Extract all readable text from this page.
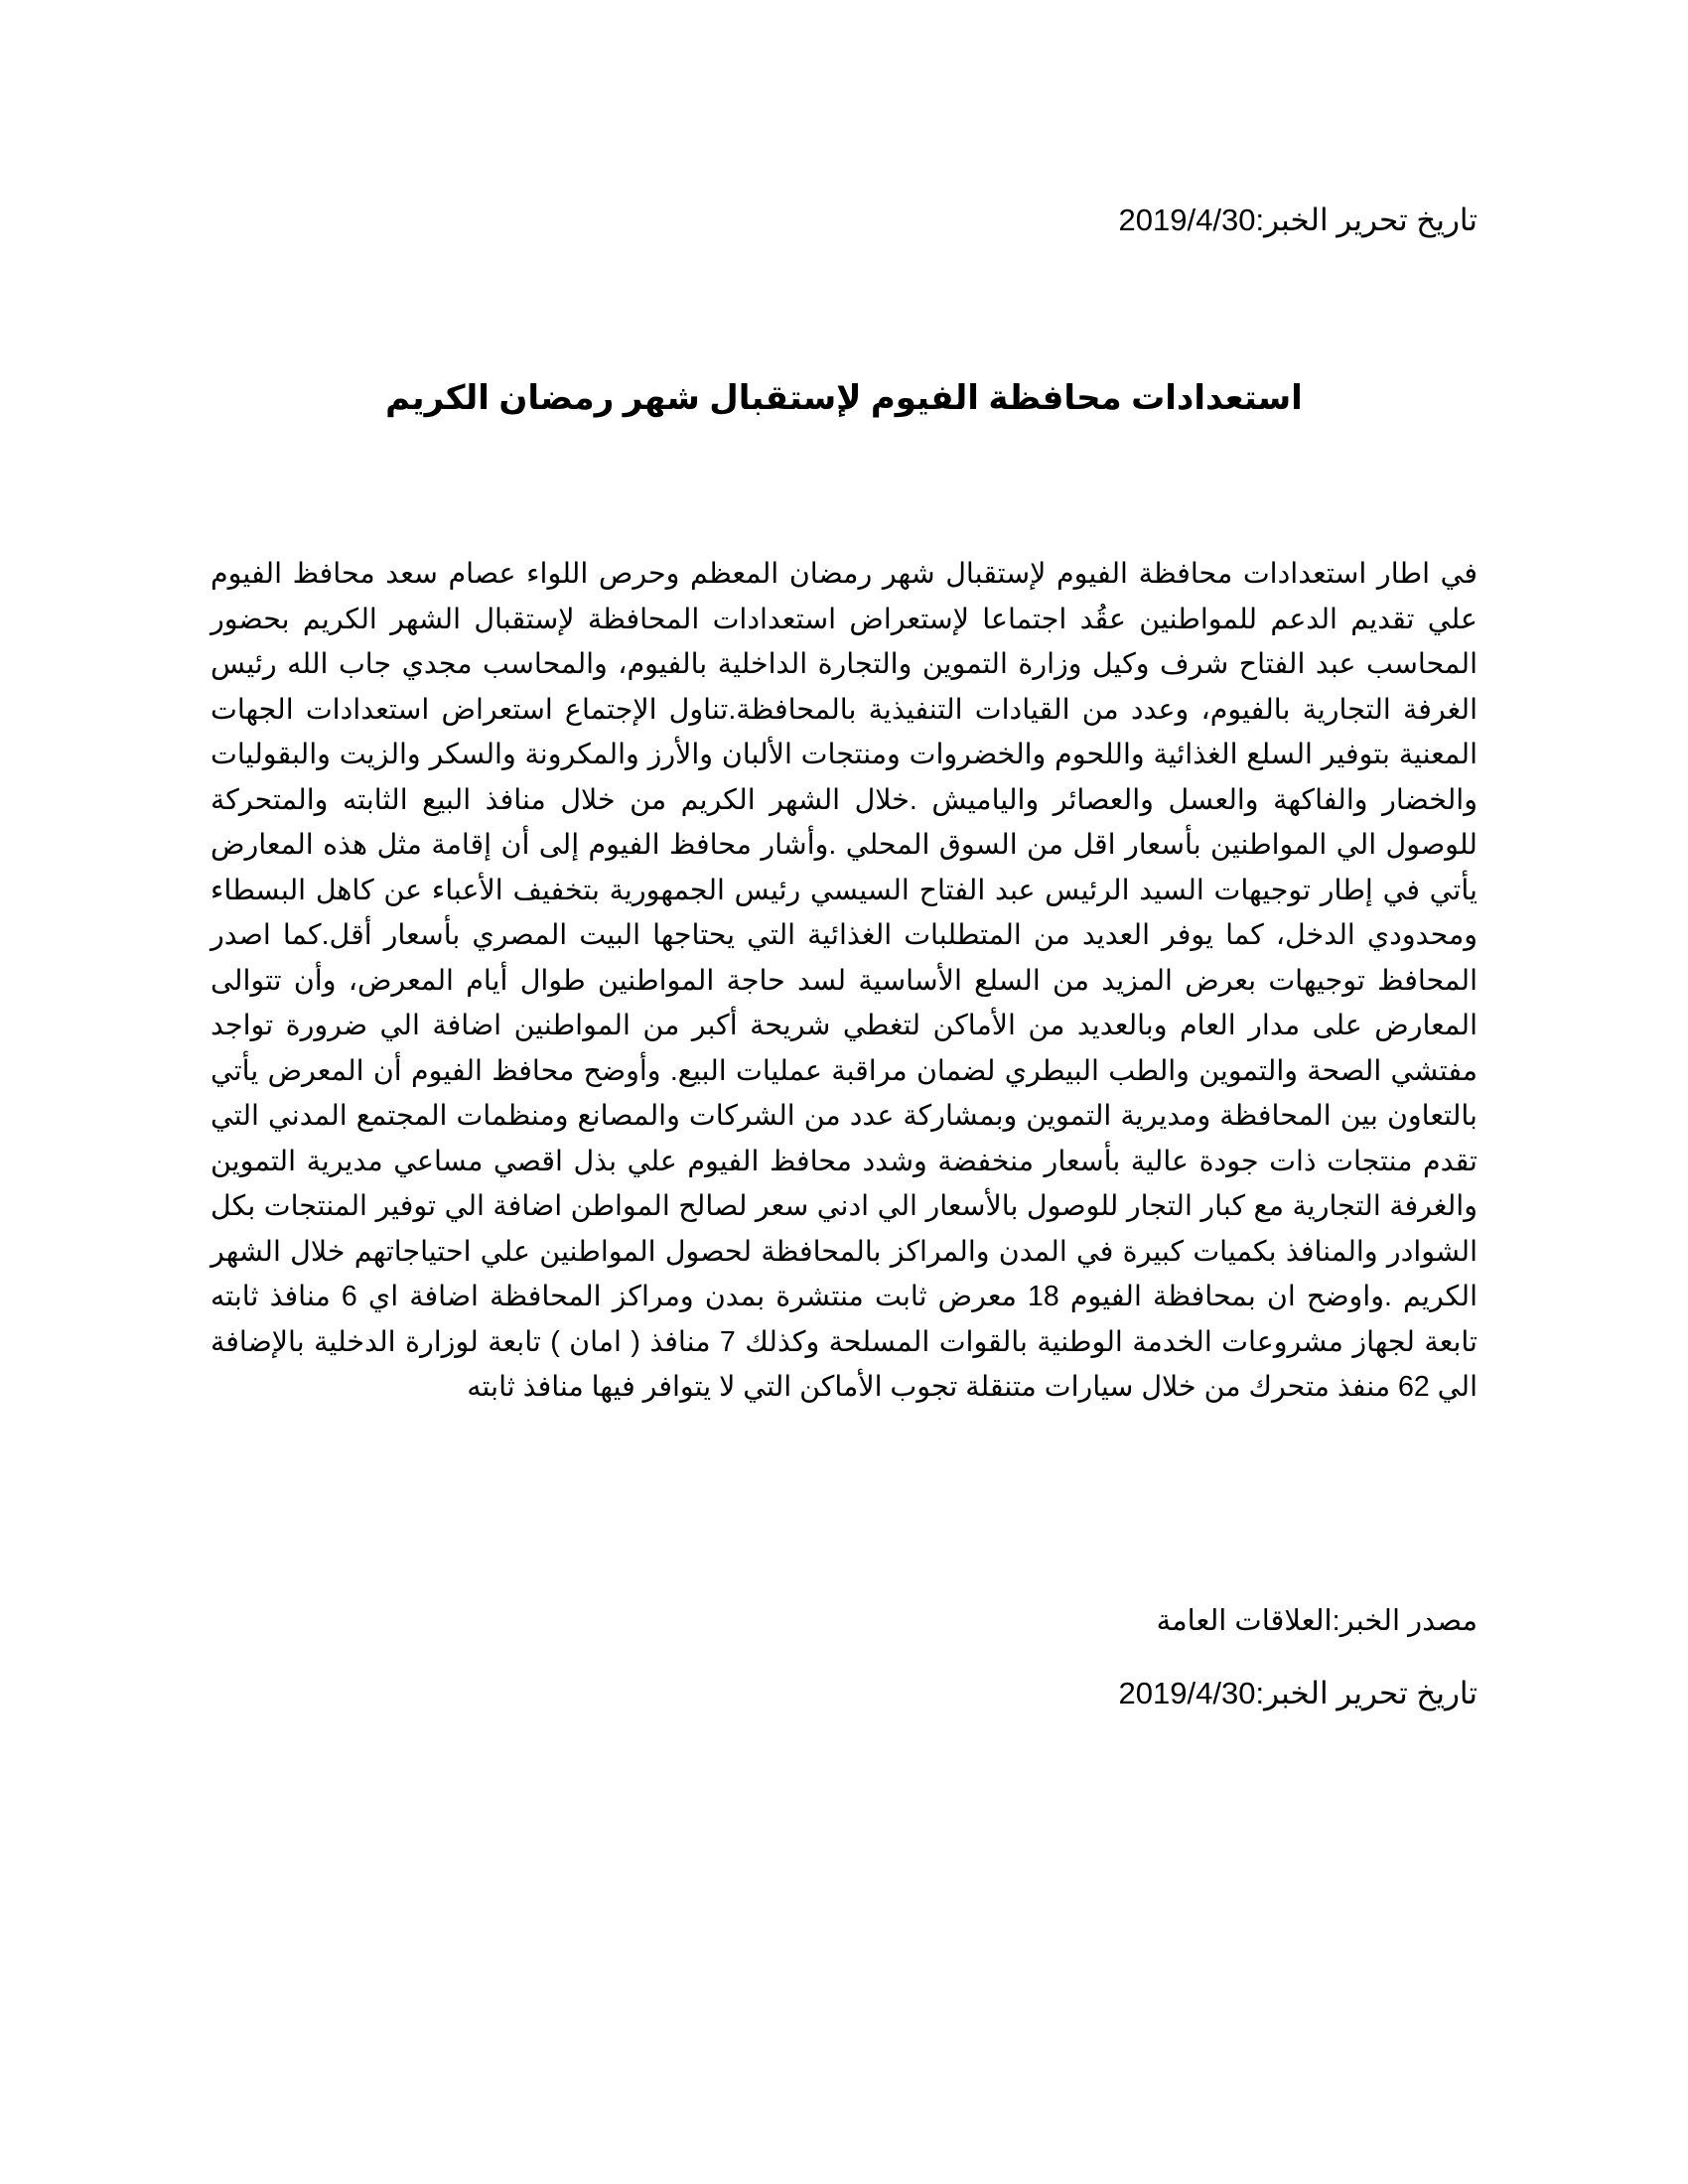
تاريخ تحرير الخبر:2019/4/30
استعدادات محافظة الفيوم لإستقبال شهر رمضان الكريم
في اطار استعدادات محافظة الفيوم لإستقبال شهر رمضان المعظم وحرص اللواء عصام سعد محافظ الفيوم علي تقديم الدعم للمواطنين عقُد اجتماعا لإستعراض استعدادات المحافظة لإستقبال الشهر الكريم بحضور المحاسب عبد الفتاح شرف وكيل وزارة التموين والتجارة الداخلية بالفيوم، والمحاسب مجدي جاب الله رئيس الغرفة التجارية بالفيوم، وعدد من القيادات التنفيذية بالمحافظة.تناول الإجتماع استعراض استعدادات الجهات المعنية بتوفير السلع الغذائية واللحوم والخضروات ومنتجات الألبان والأرز والمكرونة والسكر والزيت والبقوليات والخضار والفاكهة والعسل والعصائر والياميش .خلال الشهر الكريم من خلال منافذ البيع الثابته والمتحركة للوصول الي المواطنين بأسعار اقل من السوق المحلي .وأشار محافظ الفيوم إلى أن إقامة مثل هذه المعارض يأتي في إطار توجيهات السيد الرئيس عبد الفتاح السيسي رئيس الجمهورية بتخفيف الأعباء عن كاهل البسطاء ومحدودي الدخل، كما يوفر العديد من المتطلبات الغذائية التي يحتاجها البيت المصري بأسعار أقل.كما اصدر المحافظ توجيهات بعرض المزيد من السلع الأساسية لسد حاجة المواطنين طوال أيام المعرض، وأن تتوالى المعارض على مدار العام وبالعديد من الأماكن لتغطي شريحة أكبر من المواطنين اضافة الي ضرورة تواجد مفتشي الصحة والتموين والطب البيطري لضمان مراقبة عمليات البيع. وأوضح محافظ الفيوم أن المعرض يأتي بالتعاون بين المحافظة ومديرية التموين وبمشاركة عدد من الشركات والمصانع ومنظمات المجتمع المدني التي تقدم منتجات ذات جودة عالية بأسعار منخفضة وشدد محافظ الفيوم علي بذل اقصي مساعي مديرية التموين والغرفة التجارية مع كبار التجار للوصول بالأسعار الي ادني سعر لصالح المواطن اضافة الي توفير المنتجات بكل الشوادر والمنافذ بكميات كبيرة في المدن والمراكز بالمحافظة لحصول المواطنين علي احتياجاتهم خلال الشهر الكريم .واوضح ان بمحافظة الفيوم 18 معرض ثابت منتشرة بمدن ومراكز المحافظة اضافة اي 6 منافذ ثابته تابعة لجهاز مشروعات الخدمة الوطنية بالقوات المسلحة وكذلك 7 منافذ ( امان ) تابعة لوزارة الدخلية بالإضافة الي 62 منفذ متحرك من خلال سيارات متنقلة تجوب الأماكن التي لا يتوافر فيها منافذ ثابته
مصدر الخبر:العلاقات العامة
تاريخ تحرير الخبر:2019/4/30
